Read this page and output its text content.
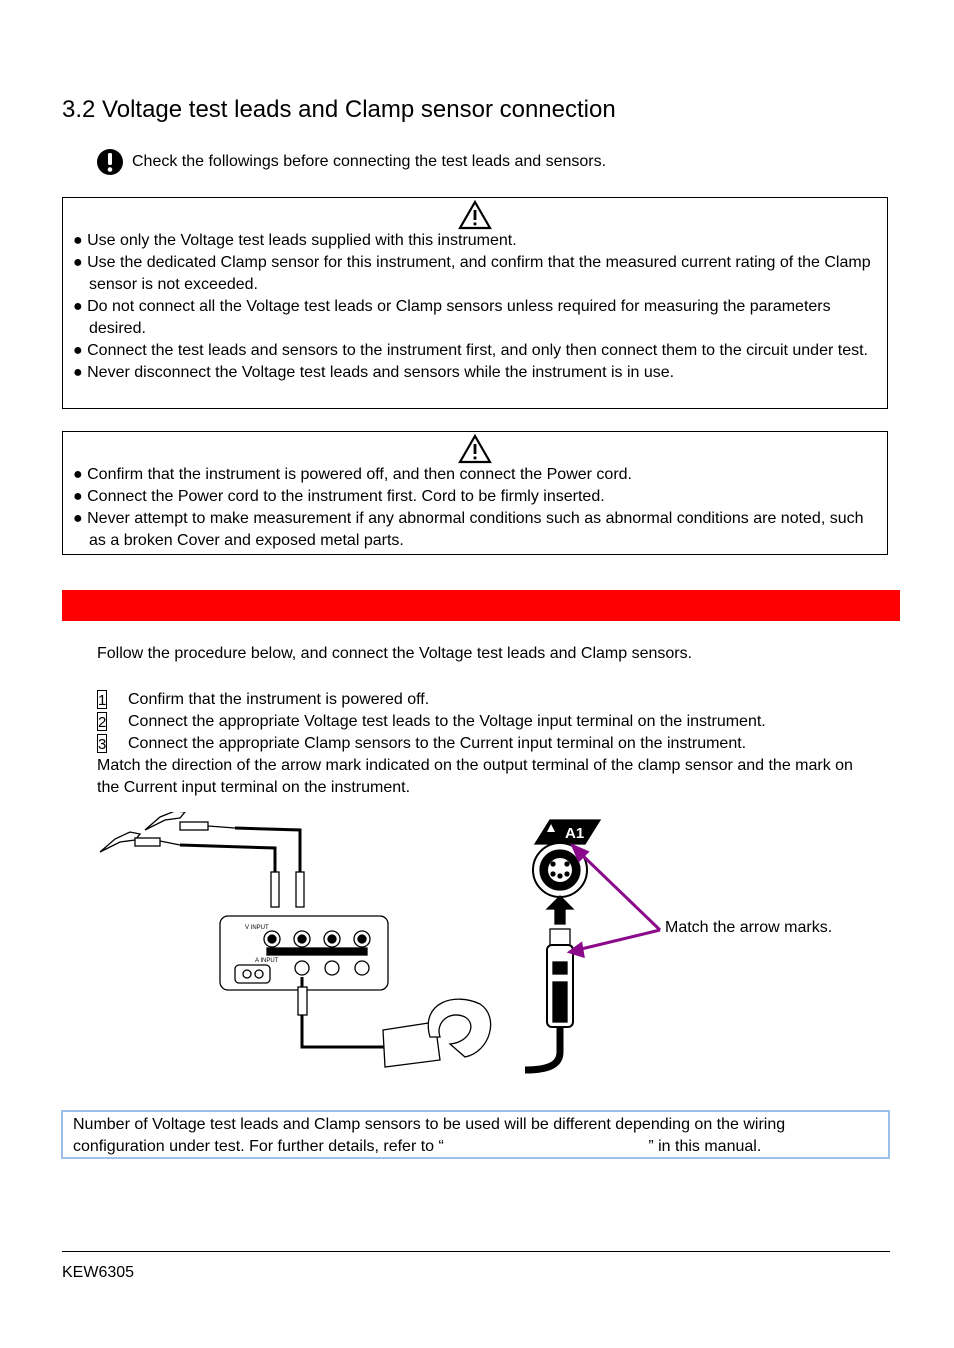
3.2 Voltage test leads and Clamp sensor connection
Check the followings before connecting the test leads and sensors.
● Use only the Voltage test leads supplied with this instrument.
● Use the dedicated Clamp sensor for this instrument, and confirm that the measured current rating of the Clamp sensor is not exceeded.
● Do not connect all the Voltage test leads or Clamp sensors unless required for measuring the parameters desired.
● Connect the test leads and sensors to the instrument first, and only then connect them to the circuit under test.
● Never disconnect the Voltage test leads and sensors while the instrument is in use.
● Confirm that the instrument is powered off, and then connect the Power cord.
● Connect the Power cord to the instrument first. Cord to be firmly inserted.
● Never attempt to make measurement if any abnormal conditions such as abnormal conditions are noted, such as a broken Cover and exposed metal parts.
Follow the procedure below, and connect the Voltage test leads and Clamp sensors.
1 Confirm that the instrument is powered off.
2 Connect the appropriate Voltage test leads to the Voltage input terminal on the instrument.
3 Connect the appropriate Clamp sensors to the Current input terminal on the instrument.
Match the direction of the arrow mark indicated on the output terminal of the clamp sensor and the mark on the Current input terminal on the instrument.
V INPUT
A INPUT
A1
Match the arrow marks.
Number of Voltage test leads and Clamp sensors to be used will be different depending on the wiring configuration under test. For further details, refer to “                                              ” in this manual.
KEW6305
